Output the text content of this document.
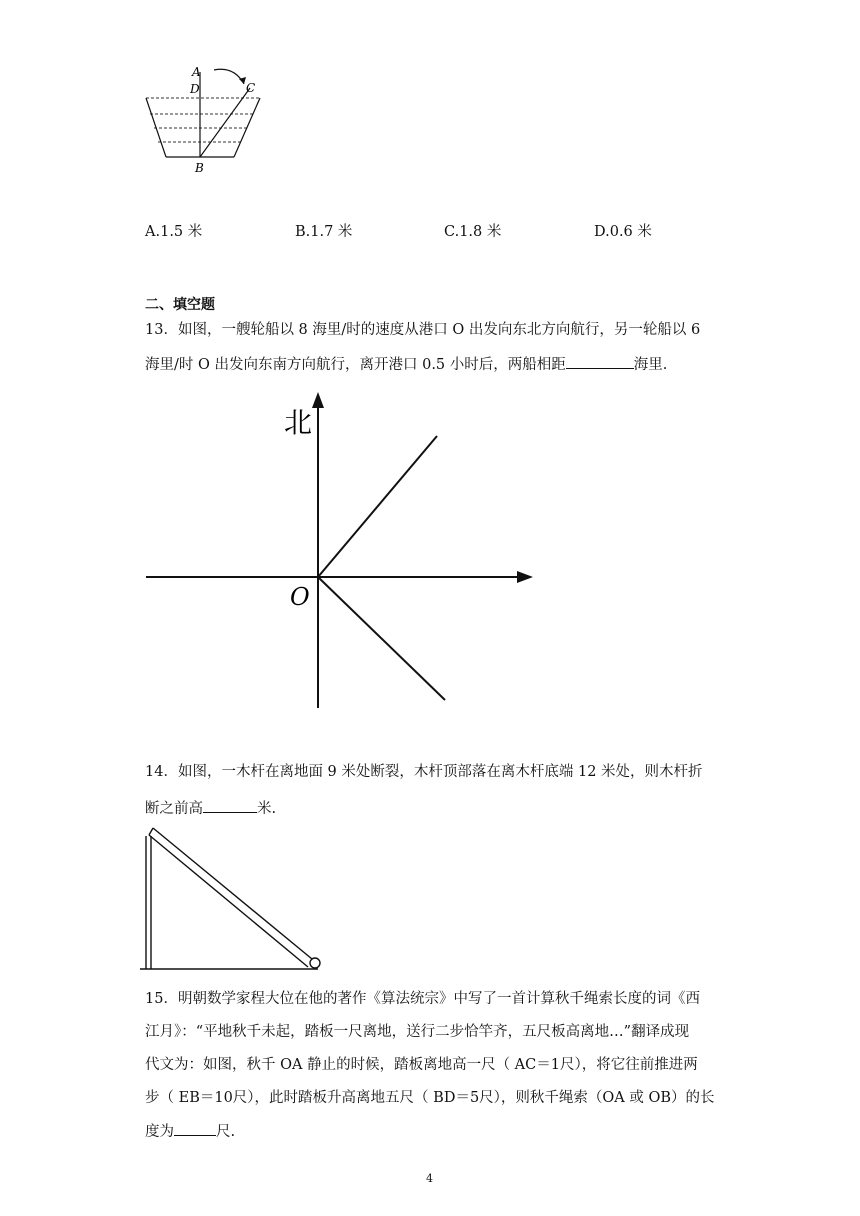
A
D	C
B
A.1.5 米	B.1.7 米	C.1.8 米	D.0.6 米
二、填空题
13．如图，一艘轮船以 8 海里/时的速度从港口 O 出发向东北方向航行，另一轮船以 6
海里/时 O 出发向东南方向航行，离开港口 0.5 小时后，两船相距	海里.
北
O
14．如图，一木杆在离地面 9 米处断裂，木杆顶部落在离木杆底端 12 米处，则木杆折
断之前高	米.
15．明朝数学家程大位在他的著作《算法统宗》中写了一首计算秋千绳索长度的词《西
江月》：“平地秋千未起，踏板一尺离地，送行二步恰竿齐，五尺板高离地…”翻译成现
代文为：如图，秋千 OA 静止的时候，踏板离地高一尺（ AC＝1尺），将它往前推进两
步（ EB＝10尺），此时踏板升高离地五尺（ BD＝5尺），则秋千绳索（OA 或 OB）的长
度为	尺.
4
